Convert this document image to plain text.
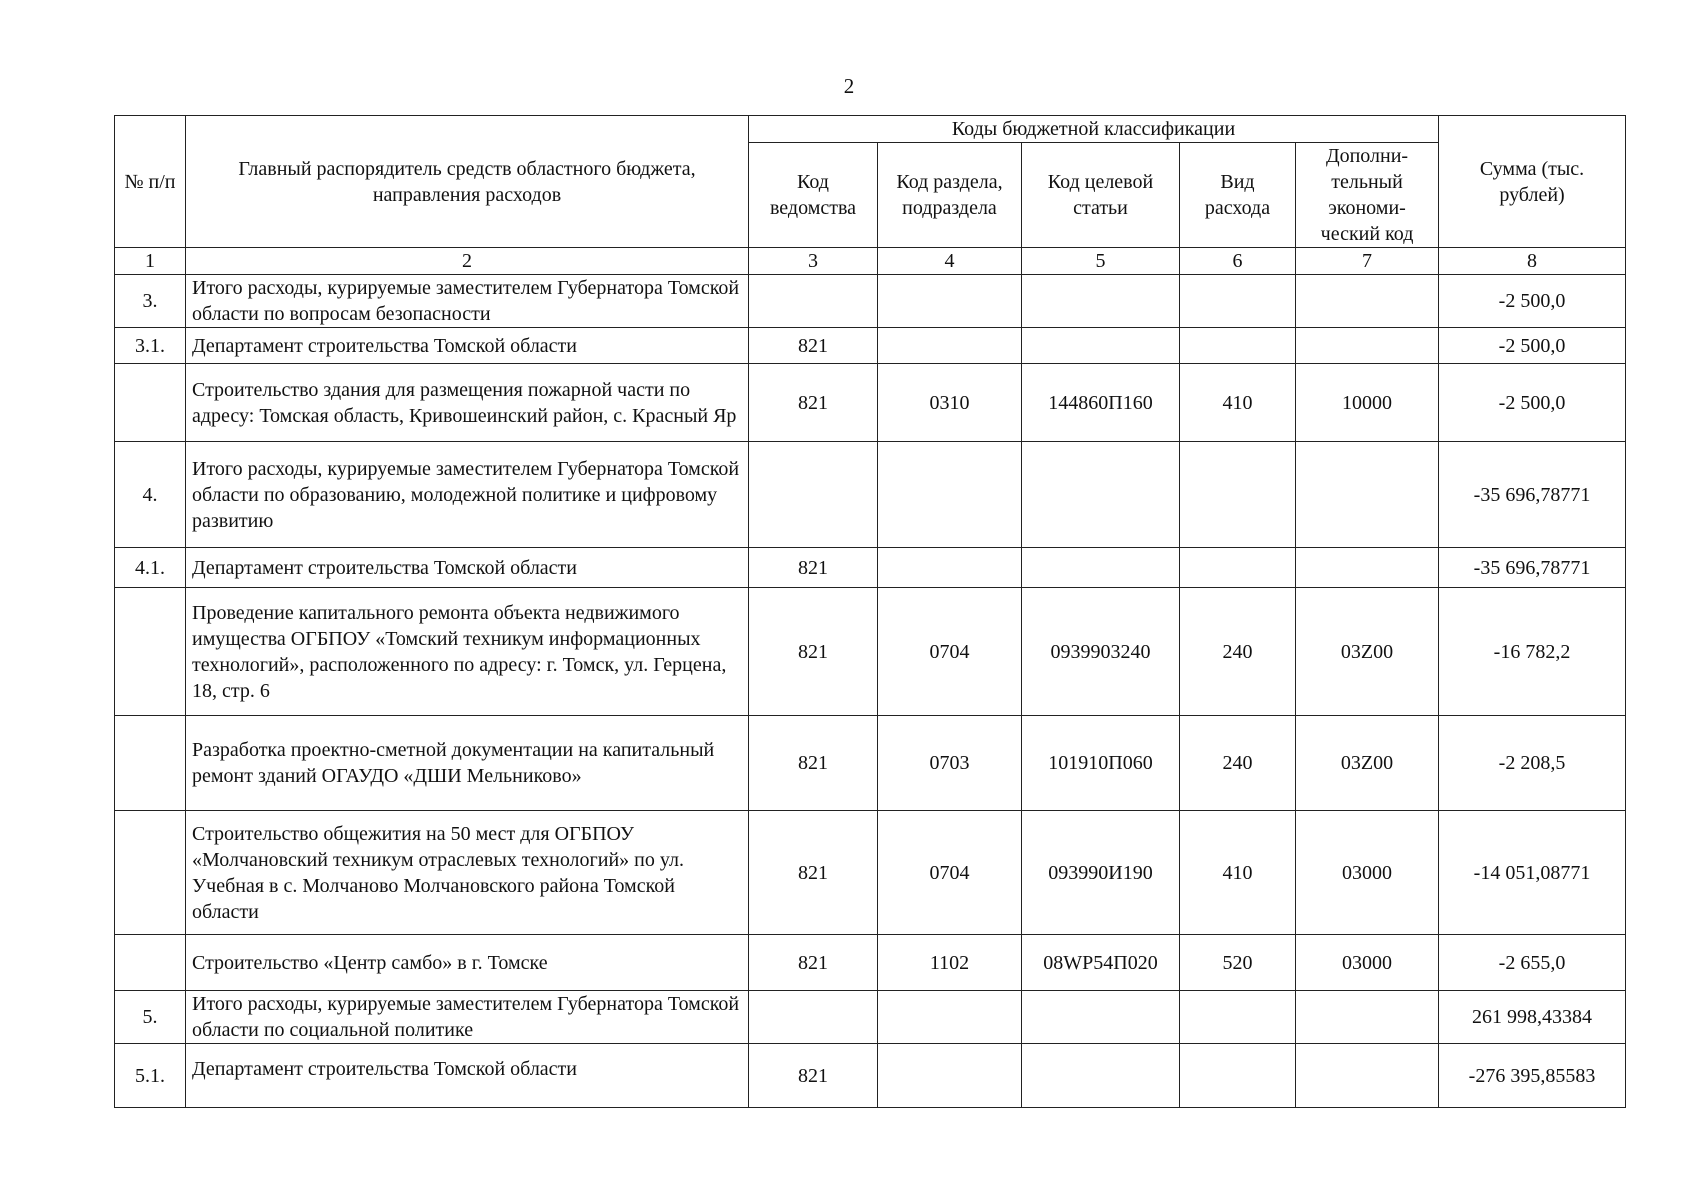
2
№ п/п	Главный распорядитель средств областного бюджета, направления расходов	Коды бюджетной классификации					Сумма (тыс. рублей)
		Код ведомства	Код раздела, подраздела	Код целевой статьи	Вид расхода	Дополни-тельный экономи-ческий код	
1	2	3	4	5	6	7	8
3.	Итого расходы, курируемые заместителем Губернатора Томской области по вопросам безопасности						-2 500,0
3.1.	Департамент строительства Томской области	821					-2 500,0
	Строительство здания для размещения пожарной части по адресу: Томская область, Кривошеинский район, с. Красный Яр	821	0310	144860П160	410	10000	-2 500,0
4.	Итого расходы, курируемые заместителем Губернатора Томской области по образованию, молодежной политике и цифровому развитию						-35 696,78771
4.1.	Департамент строительства Томской области	821					-35 696,78771
	Проведение капитального ремонта объекта недвижимого имущества ОГБПОУ «Томский техникум информационных технологий», расположенного по адресу: г. Томск, ул. Герцена, 18, стр. 6	821	0704	0939903240	240	03Z00	-16 782,2
	Разработка проектно-сметной документации на капитальный ремонт зданий ОГАУДО «ДШИ Мельниково»	821	0703	101910П060	240	03Z00	-2 208,5
	Строительство общежития на 50 мест для ОГБПОУ «Молчановский техникум отраслевых технологий» по ул. Учебная в с. Молчаново Молчановского района Томской области	821	0704	093990И190	410	03000	-14 051,08771
	Строительство «Центр самбо» в г. Томске	821	1102	08WP54П020	520	03000	-2 655,0
5.	Итого расходы, курируемые заместителем Губернатора Томской области по социальной политике						261 998,43384
5.1.	Департамент строительства Томской области	821					-276 395,85583
